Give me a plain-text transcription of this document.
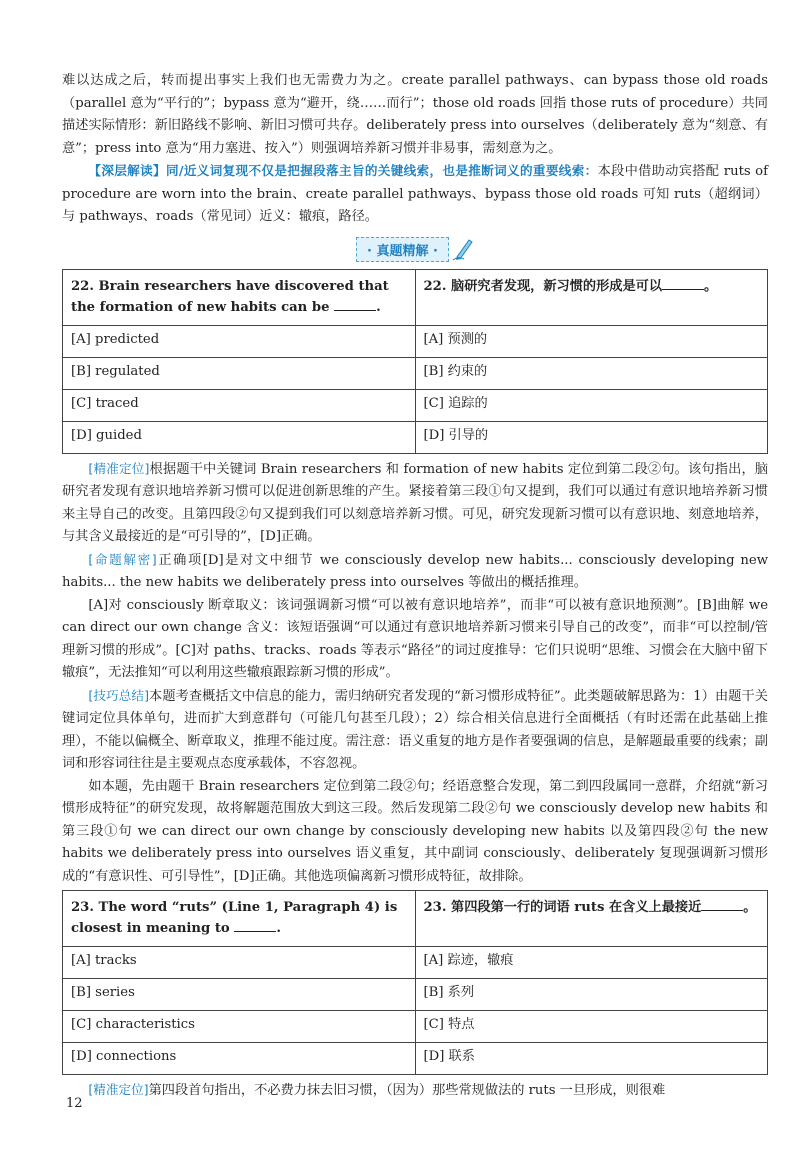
难以达成之后，转而提出事实上我们也无需费力为之。create parallel pathways、can bypass those old roads（parallel 意为“平行的”；bypass 意为“避开，绕……而行”；those old roads 回指 those ruts of procedure）共同描述实际情形：新旧路线不影响、新旧习惯可共存。deliberately press into ourselves（deliberately 意为“刻意、有意”；press into 意为“用力塞进、按入”）则强调培养新习惯并非易事，需刻意为之。

【深层解读】同/近义词复现不仅是把握段落主旨的关键线索，也是推断词义的重要线索：本段中借助动宾搭配 ruts of procedure are worn into the brain、create parallel pathways、bypass those old roads 可知 ruts（超纲词）与 pathways、roads（常见词）近义：辙痕，路径。

· 真题精解 ·
22. Brain researchers have discovered that the formation of new habits can be .	22. 脑研究者发现，新习惯的形成是可以 。
[A] predicted	[A] 预测的
[B] regulated	[B] 约束的
[C] traced	[C] 追踪的
[D] guided	[D] 引导的

[精准定位]根据题干中关键词 Brain researchers 和 formation of new habits 定位到第二段②句。该句指出，脑研究者发现有意识地培养新习惯可以促进创新思维的产生。紧接着第三段①句又提到，我们可以通过有意识地培养新习惯来主导自己的改变。且第四段②句又提到我们可以刻意培养新习惯。可见，研究发现新习惯可以有意识地、刻意地培养，与其含义最接近的是“可引导的”，[D]正确。

[命题解密]正确项[D]是对文中细节 we consciously develop new habits... consciously developing new habits... the new habits we deliberately press into ourselves 等做出的概括推理。

[A]对 consciously 断章取义：该词强调新习惯“可以被有意识地培养”，而非“可以被有意识地预测”。[B]曲解 we can direct our own change 含义：该短语强调“可以通过有意识地培养新习惯来引导自己的改变”，而非“可以控制/管理新习惯的形成”。[C]对 paths、tracks、roads 等表示“路径”的词过度推导：它们只说明“思维、习惯会在大脑中留下辙痕”，无法推知“可以利用这些辙痕跟踪新习惯的形成”。

[技巧总结]本题考查概括文中信息的能力，需归纳研究者发现的“新习惯形成特征”。此类题破解思路为：1）由题干关键词定位具体单句，进而扩大到意群句（可能几句甚至几段）；2）综合相关信息进行全面概括（有时还需在此基础上推理），不能以偏概全、断章取义，推理不能过度。需注意：语义重复的地方是作者要强调的信息，是解题最重要的线索；副词和形容词往往是主要观点态度承载体，不容忽视。

如本题，先由题干 Brain researchers 定位到第二段②句；经语意整合发现，第二到四段属同一意群，介绍就“新习惯形成特征”的研究发现，故将解题范围放大到这三段。然后发现第二段②句 we consciously develop new habits 和第三段①句 we can direct our own change by consciously developing new habits 以及第四段②句 the new habits we deliberately press into ourselves 语义重复，其中副词 consciously、deliberately 复现强调新习惯形成的“有意识性、可引导性”，[D]正确。其他选项偏离新习惯形成特征，故排除。

23. The word “ruts” (Line 1, Paragraph 4) is closest in meaning to .	23. 第四段第一行的词语 ruts 在含义上最接近 。
[A] tracks	[A] 踪迹，辙痕
[B] series	[B] 系列
[C] characteristics	[C] 特点
[D] connections	[D] 联系

[精准定位]第四段首句指出，不必费力抹去旧习惯，（因为）那些常规做法的 ruts 一旦形成，则很难

12
